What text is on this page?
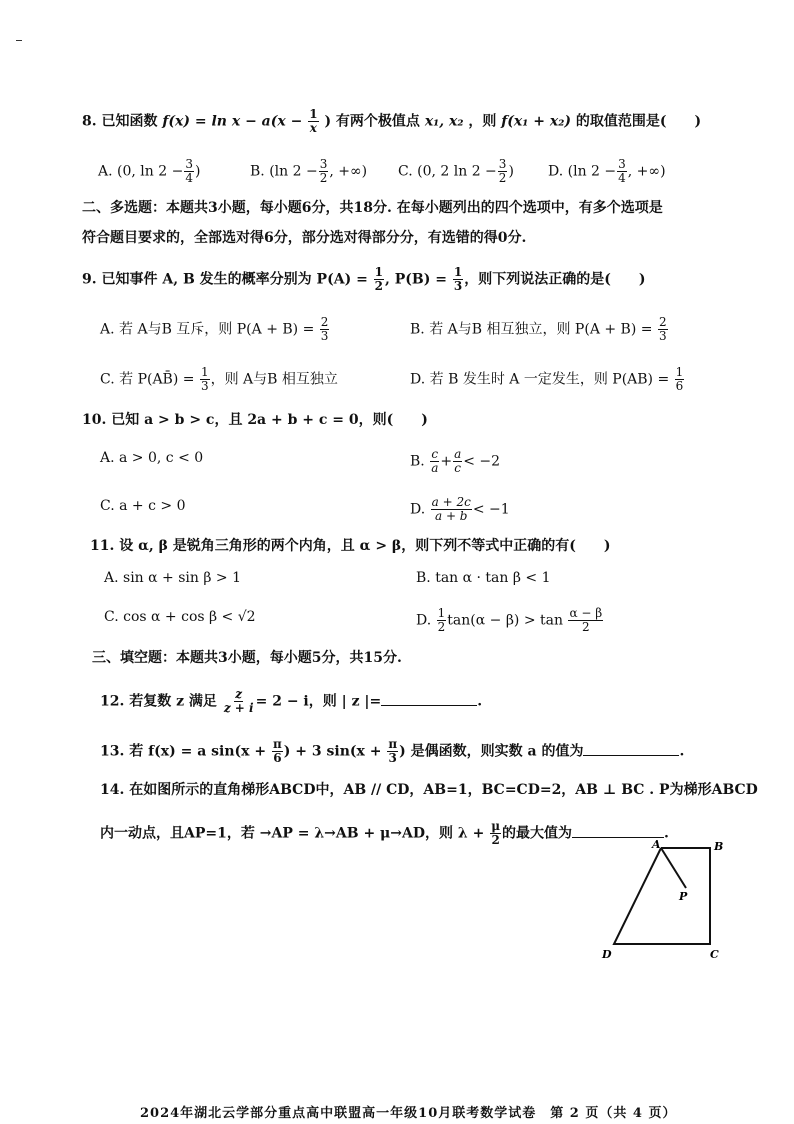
8. 已知函数 $f(x) = \ln x - a(x - \frac{1}{x}$ ) 有两个极值点 x₁, x₂ ，则 f(x₁ + x₂) 的取值范围是(　　)
A. (0, $\ln 2 - \frac{3}{4}$ )	B. (ln $2 - \frac{3}{2}$ , +∞) C. (0, 2 $\ln 2 - \frac{3}{2}$ ) D. (ln $2 - \frac{3}{4}$ , +∞)
二、多选题：本题共3小题，每小题6分，共18分. 在每小题列出的四个选项中，有多个选项是
符合题目要求的，全部选对得6分，部分选对得部分分，有选错的得0分.
9. 已知事件 A, B 发生的概率分别为 $P(A) = \frac{1}{2}$ , $P(B) = \frac{1}{3}$ ，则下列说法正确的是(　　)
A. 若 A与B 互斥，则 $P(A + B) = \frac{2}{3}$	B. 若 A与B 相互独立，则 $P(A + B) = \frac{2}{3}$
C. 若 P(AB̄) = $\frac{1}{3}$ ，则 A与B 相互独立	D. 若 B 发生时 A 一定发生，则 $P(AB) = \frac{1}{6}$
10. 已知 a > b > c，且 2a + b + c = 0，则(　　)
A. a > 0, c < 0	B. $\frac{c}{a} + \frac{a}{c} < -2$
C. a + c > 0	D. $\frac{a + 2c}{a + b} < -1$
11. 设 α, β 是锐角三角形的两个内角，且 α > β，则下列不等式中正确的有(　　)
A. sin α + sin β > 1	B. tan α · tan β < 1
C. cos α + cos β < √2	D. $\frac{1}{2} \tan(\alpha - \beta) > \tan \frac{\alpha - \beta}{2}$
三、填空题：本题共3小题，每小题5分，共15分.
12. 若复数 z 满足 $\frac{z}{z + i} = 2 - i$，则 | z |=	.
13. 若 f(x) = a $\sin(x + \frac{\pi}{6}$ ) + 3 $\sin(x + \frac{\pi}{3}$ ) 是偶函数，则实数 a 的值为	.
14. 在如图所示的直角梯形ABCD中，AB // CD，AB=1，BC=CD=2，AB ⊥ BC . P为梯形ABCD
内一动点，且AP=1，若 →AP = λ→AB + μ→AD，则 $\lambda + \frac{\mu}{2}$ 的最大值为	.
A	B
C
D
P
2024年湖北云学部分重点高中联盟高一年级10月联考数学试卷　第 2 页（共 4 页）
